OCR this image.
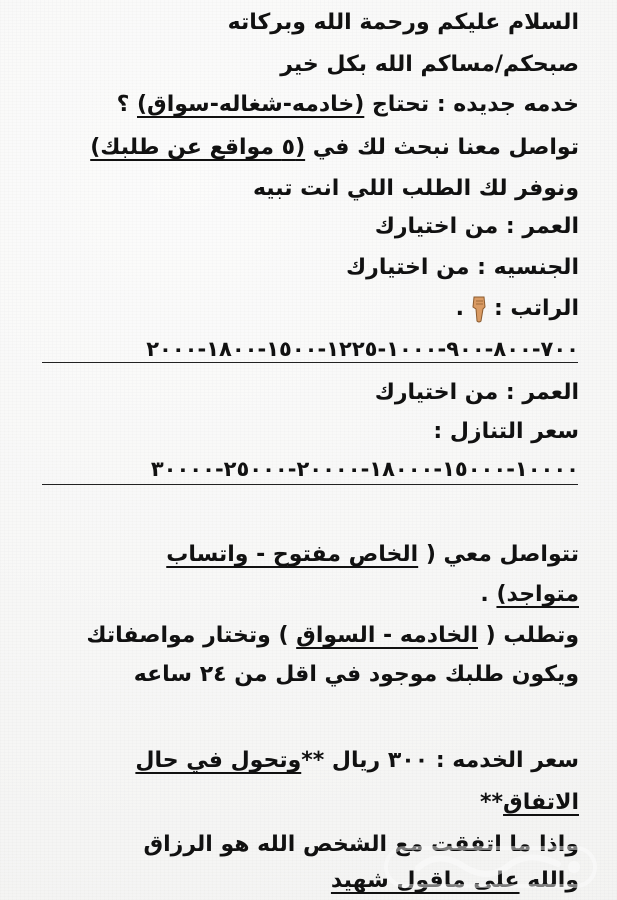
السلام عليكم ورحمة الله وبركاته

صبحكم/مساكم الله بكل خير

خدمه جديده : تحتاج (خادمه-شغاله-سواق) ؟

تواصل معنا نبحث لك في (٥ مواقع عن طلبك)

ونوفر لك الطلب اللي انت تبيه

العمر : من اختيارك

الجنسيه : من اختيارك

الراتب :.

٧٠٠-٨٠٠-٩٠٠-١٠٠٠-١٢٢٥-١٥٠٠-١٨٠٠-٢٠٠٠

العمر : من اختيارك

سعر التنازل :

١٠٠٠٠-١٥٠٠٠-١٨٠٠٠-٢٠٠٠٠-٢٥٠٠٠-٣٠٠٠٠

تتواصل معي ( الخاص مفتوح - واتساب

متواجد) .

وتطلب ( الخادمه - السواق ) وتختار مواصفاتك

ويكون طلبك موجود في اقل من ٢٤ ساعه

سعر الخدمه : ٣٠٠ ريال **وتحول في حال

الاتفاق**

واذا ما اتفقت مع الشخص الله هو الرزاق

والله على ماقول شهيد
